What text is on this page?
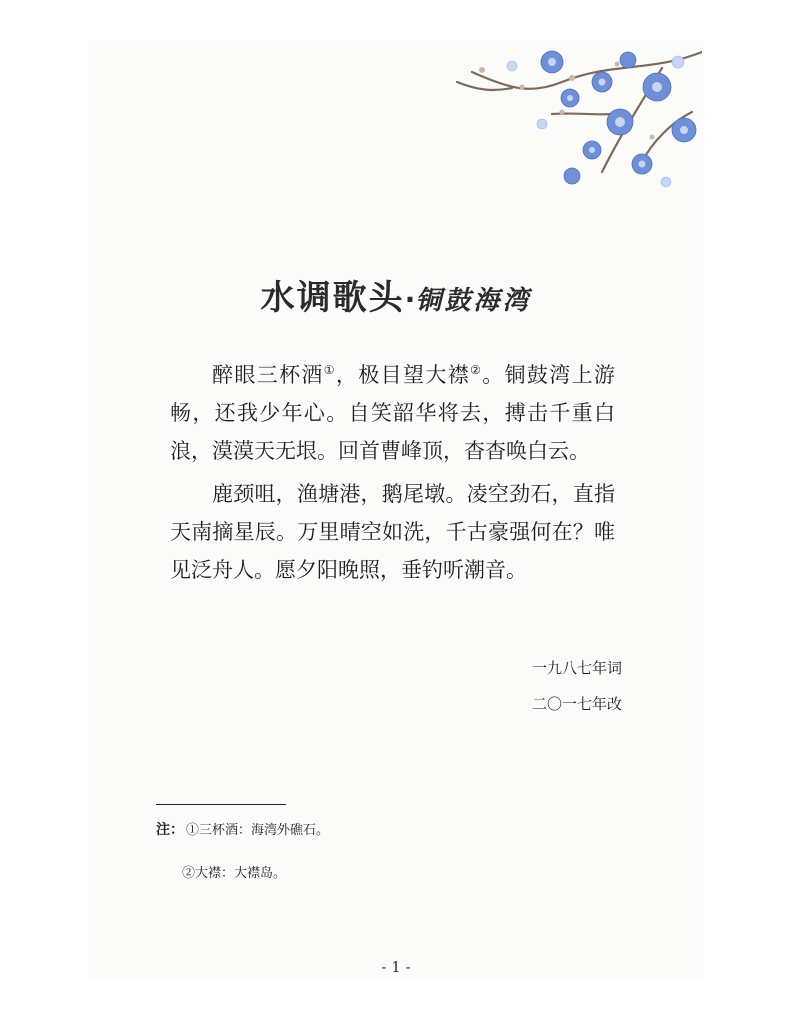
水调歌头·铜鼓海湾

醉眼三杯酒①，极目望大襟②。铜鼓湾上游畅，还我少年心。自笑韶华将去，搏击千重白浪，漠漠天无垠。回首曹峰顶，杳杳唤白云。

鹿颈咀，渔塘港，鹅尾墩。凌空劲石，直指天南摘星辰。万里晴空如洗，千古豪强何在？唯见泛舟人。愿夕阳晚照，垂钓听潮音。

一九八七年词
二〇一七年改
注： ①三杯酒：海湾外礁石。
②大襟：大襟岛。
- 1 -
